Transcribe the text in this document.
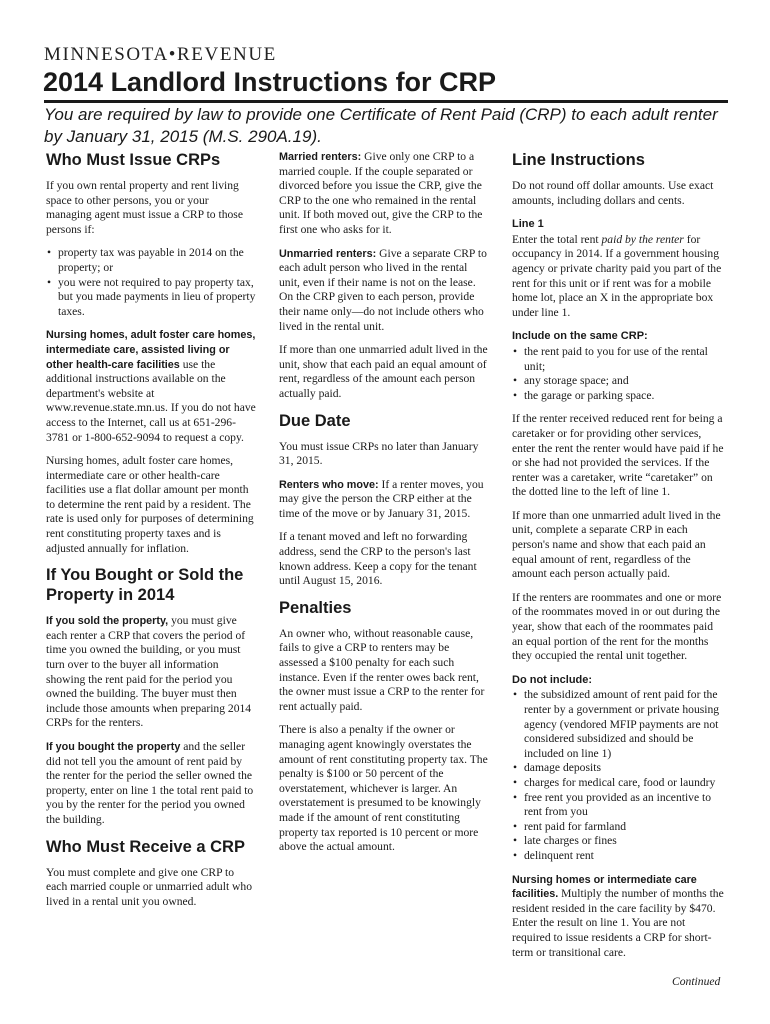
MINNESOTA•REVENUE
2014 Landlord Instructions for CRP

You are required by law to provide one Certificate of Rent Paid (CRP) to each adult renter by January 31, 2015 (M.S. 290A.19).

Who Must Issue CRPs

If you own rental property and rent living space to other persons, you or your managing agent must issue a CRP to those persons if:

• property tax was payable in 2014 on the property; or
• you were not required to pay property tax, but you made payments in lieu of property taxes.

Nursing homes, adult foster care homes, intermediate care, assisted living or other health-care facilities use the additional instructions available on the department's website at www.revenue.state.mn.us. If you do not have access to the Internet, call us at 651-296-3781 or 1-800-652-9094 to request a copy.

Nursing homes, adult foster care homes, intermediate care or other health-care facilities use a flat dollar amount per month to determine the rent paid by a resident. The rate is used only for purposes of determining rent constituting property taxes and is adjusted annually for inflation.

If You Bought or Sold the Property in 2014

If you sold the property, you must give each renter a CRP that covers the period of time you owned the building, or you must turn over to the buyer all information showing the rent paid for the period you owned the building. The buyer must then include those amounts when preparing 2014 CRPs for the renters.

If you bought the property and the seller did not tell you the amount of rent paid by the renter for the period the seller owned the property, enter on line 1 the total rent paid to you by the renter for the period you owned the building.

Who Must Receive a CRP

You must complete and give one CRP to each married couple or unmarried adult who lived in a rental unit you owned.

Married renters: Give only one CRP to a married couple. If the couple separated or divorced before you issue the CRP, give the CRP to the one who remained in the rental unit. If both moved out, give the CRP to the first one who asks for it.

Unmarried renters: Give a separate CRP to each adult person who lived in the rental unit, even if their name is not on the lease. On the CRP given to each person, provide their name only—do not include others who lived in the rental unit.

If more than one unmarried adult lived in the unit, show that each paid an equal amount of rent, regardless of the amount each person actually paid.

Due Date

You must issue CRPs no later than January 31, 2015.

Renters who move: If a renter moves, you may give the person the CRP either at the time of the move or by January 31, 2015.

If a tenant moved and left no forwarding address, send the CRP to the person's last known address. Keep a copy for the tenant until August 15, 2016.

Penalties

An owner who, without reasonable cause, fails to give a CRP to renters may be assessed a $100 penalty for each such instance. Even if the renter owes back rent, the owner must issue a CRP to the renter for rent actually paid.

There is also a penalty if the owner or managing agent knowingly overstates the amount of rent constituting property tax. The penalty is $100 or 50 percent of the overstatement, whichever is larger. An overstatement is presumed to be knowingly made if the amount of rent constituting property tax reported is 10 percent or more above the actual amount.

Line Instructions

Do not round off dollar amounts. Use exact amounts, including dollars and cents.

Line 1

Enter the total rent paid by the renter for occupancy in 2014. If a government housing agency or private charity paid you part of the rent for this unit or if rent was for a mobile home lot, place an X in the appropriate box under line 1.

Include on the same CRP:

• the rent paid to you for use of the rental unit;
• any storage space; and
• the garage or parking space.

If the renter received reduced rent for being a caretaker or for providing other services, enter the rent the renter would have paid if he or she had not provided the services. If the renter was a caretaker, write “caretaker” on the dotted line to the left of line 1.

If more than one unmarried adult lived in the unit, complete a separate CRP in each person's name and show that each paid an equal amount of rent, regardless of the amount each person actually paid.

If the renters are roommates and one or more of the roommates moved in or out during the year, show that each of the roommates paid an equal portion of the rent for the months they occupied the rental unit together.

Do not include:

• the subsidized amount of rent paid for the renter by a government or private housing agency (vendored MFIP payments are not considered subsidized and should be included on line 1)
• damage deposits
• charges for medical care, food or laundry
• free rent you provided as an incentive to rent from you
• rent paid for farmland
• late charges or fines
• delinquent rent

Nursing homes or intermediate care facilities. Multiply the number of months the resident resided in the care facility by $470. Enter the result on line 1. You are not required to issue residents a CRP for short-term or transitional care.

Continued
